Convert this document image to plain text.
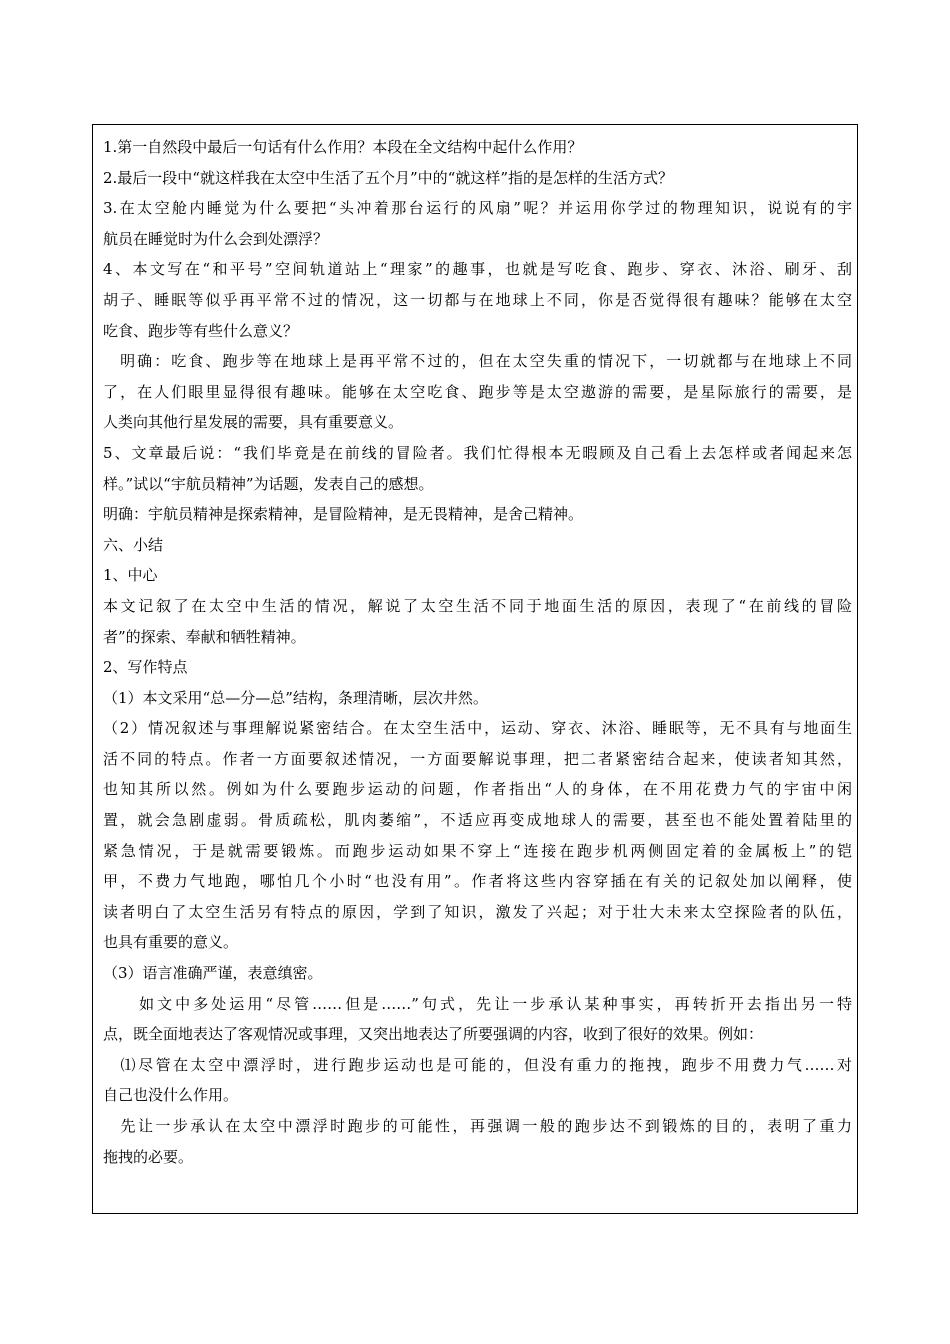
1.第一自然段中最后一句话有什么作用？本段在全文结构中起什么作用？
2.最后一段中“就这样我在太空中生活了五个月”中的“就这样”指的是怎样的生活方式？
3.在太空舱内睡觉为什么要把“头冲着那台运行的风扇”呢？并运用你学过的物理知识，说说有的宇
航员在睡觉时为什么会到处漂浮？
4、本文写在“和平号”空间轨道站上“理家”的趣事，也就是写吃食、跑步、穿衣、沐浴、刷牙、刮
胡子、睡眠等似乎再平常不过的情况，这一切都与在地球上不同，你是否觉得很有趣味？能够在太空
吃食、跑步等有些什么意义？
　明确：吃食、跑步等在地球上是再平常不过的，但在太空失重的情况下，一切就都与在地球上不同
了，在人们眼里显得很有趣味。能够在太空吃食、跑步等是太空遨游的需要，是星际旅行的需要，是
人类向其他行星发展的需要，具有重要意义。
5、文章最后说：“我们毕竟是在前线的冒险者。我们忙得根本无暇顾及自己看上去怎样或者闻起来怎
样。”试以“宇航员精神”为话题，发表自己的感想。
明确：宇航员精神是探索精神，是冒险精神，是无畏精神，是舍己精神。
六、小结
1、中心
本文记叙了在太空中生活的情况，解说了太空生活不同于地面生活的原因，表现了“在前线的冒险
者”的探索、奉献和牺牲精神。
2、写作特点
（1）本文采用“总—分—总”结构，条理清晰，层次井然。
（2）情况叙述与事理解说紧密结合。在太空生活中，运动、穿衣、沐浴、睡眠等，无不具有与地面生
活不同的特点。作者一方面要叙述情况，一方面要解说事理，把二者紧密结合起来，使读者知其然，
也知其所以然。例如为什么要跑步运动的问题，作者指出“人的身体，在不用花费力气的宇宙中闲
置，就会急剧虚弱。骨质疏松，肌肉萎缩”，不适应再变成地球人的需要，甚至也不能处置着陆里的
紧急情况，于是就需要锻炼。而跑步运动如果不穿上“连接在跑步机两侧固定着的金属板上”的铠
甲，不费力气地跑，哪怕几个小时“也没有用”。作者将这些内容穿插在有关的记叙处加以阐释，使
读者明白了太空生活另有特点的原因，学到了知识，激发了兴起；对于壮大未来太空探险者的队伍，
也具有重要的意义。
（3）语言准确严谨，表意缜密。
　　如文中多处运用“尽管……但是……”句式，先让一步承认某种事实，再转折开去指出另一特
点，既全面地表达了客观情况或事理，又突出地表达了所要强调的内容，收到了很好的效果。例如：
　⑴尽管在太空中漂浮时，进行跑步运动也是可能的，但没有重力的拖拽，跑步不用费力气……对
自己也没什么作用。
　先让一步承认在太空中漂浮时跑步的可能性，再强调一般的跑步达不到锻炼的目的，表明了重力
拖拽的必要。
